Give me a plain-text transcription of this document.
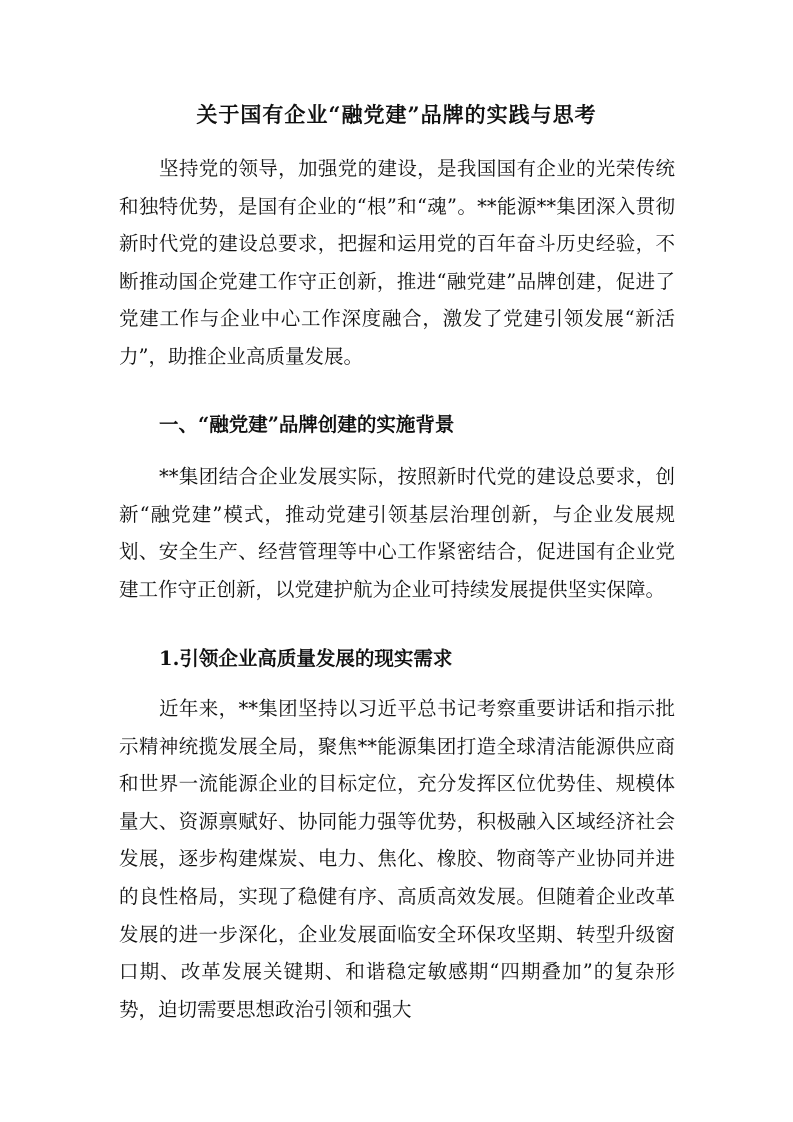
关于国有企业“融党建”品牌的实践与思考

坚持党的领导，加强党的建设，是我国国有企业的光荣传统和独特优势，是国有企业的“根”和“魂”。**能源**集团深入贯彻新时代党的建设总要求，把握和运用党的百年奋斗历史经验，不断推动国企党建工作守正创新，推进“融党建”品牌创建，促进了党建工作与企业中心工作深度融合，激发了党建引领发展“新活力”，助推企业高质量发展。

一、“融党建”品牌创建的实施背景

**集团结合企业发展实际，按照新时代党的建设总要求，创新“融党建”模式，推动党建引领基层治理创新，与企业发展规划、安全生产、经营管理等中心工作紧密结合，促进国有企业党建工作守正创新，以党建护航为企业可持续发展提供坚实保障。

1.引领企业高质量发展的现实需求

近年来，**集团坚持以习近平总书记考察重要讲话和指示批示精神统揽发展全局，聚焦**能源集团打造全球清洁能源供应商和世界一流能源企业的目标定位，充分发挥区位优势佳、规模体量大、资源禀赋好、协同能力强等优势，积极融入区域经济社会发展，逐步构建煤炭、电力、焦化、橡胶、物商等产业协同并进的良性格局，实现了稳健有序、高质高效发展。但随着企业改革发展的进一步深化，企业发展面临安全环保攻坚期、转型升级窗口期、改革发展关键期、和谐稳定敏感期“四期叠加”的复杂形势，迫切需要思想政治引领和强大
